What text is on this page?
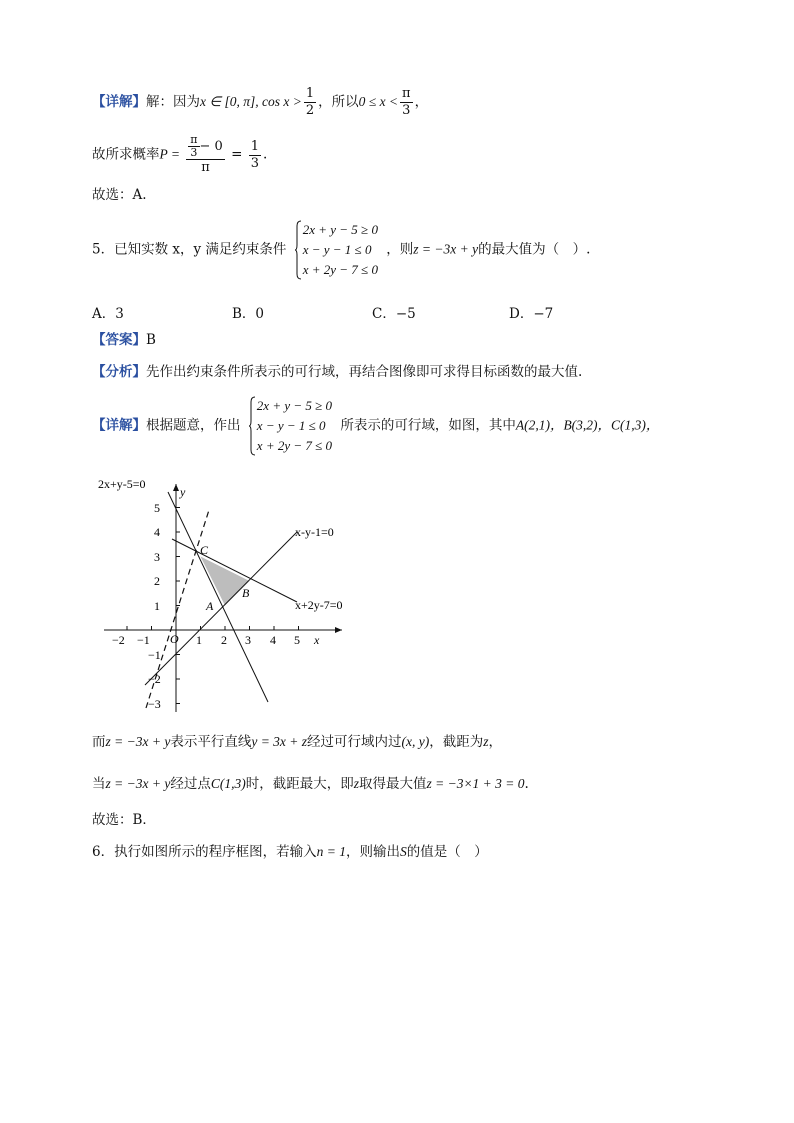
【详解】解：因为x ∈ [0, π], $\cos x > \frac{1}{2}$ ，所以$0 \le x < \frac{\pi}{3}$ ，
故所求概率$P = \frac{\frac{\pi}{3} - 0}{\pi} = \frac{1}{3}$ .
故选：A.
5．已知实数 x，y 满足约束条件
2x + y − 5 ≥ 0
x − y − 1 ≤ 0
x + 2y − 7 ≤ 0
，则z = −3x + y的最大值为（　）.
A．3	B．0	C．−5	D．−7
【答案】B
【分析】先作出约束条件所表示的可行域，再结合图像即可求得目标函数的最大值.
【详解】根据题意，作出
2x + y − 5 ≥ 0
x − y − 1 ≤ 0
x + 2y − 7 ≤ 0
所表示的可行域，如图，其中A(2,1)，B(3,2)，C(1,3)，
2x+y-5=0
x-y-1=0
x+2y-7=0
x
y
O
−2 −1	1 2 3 4 5
5
4
3
2
1
−1
−2
−3
A
B
C
而z = −3x + y表示平行直线y = 3x + z经过可行域内过(x, y)，截距为z，
当z = −3x + y经过点C(1,3)时，截距最大，即z取得最大值z = −3×1 + 3 = 0.
故选：B．
6．执行如图所示的程序框图，若输入n = 1，则输出S的值是（　）
